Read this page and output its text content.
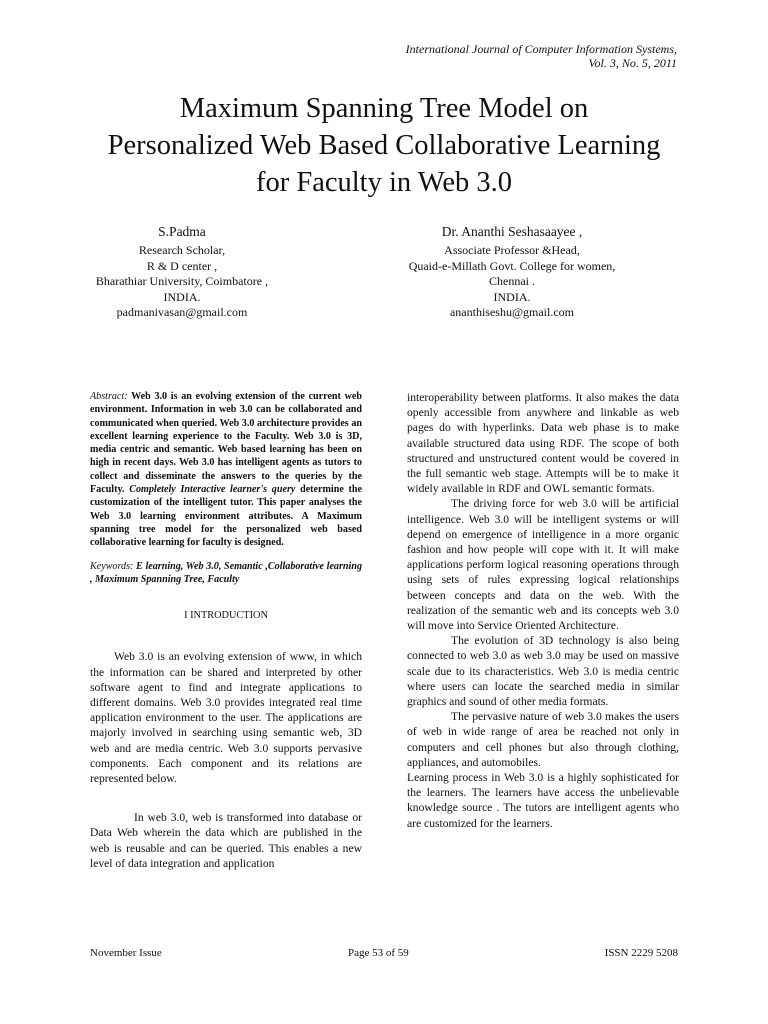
International Journal of Computer Information Systems,
Vol. 3, No. 5, 2011
Maximum Spanning Tree Model on
Personalized Web Based Collaborative Learning
for Faculty in Web 3.0
S.Padma
Research Scholar,
R & D center ,
Bharathiar University, Coimbatore ,
INDIA.
padmanivasan@gmail.com
Dr. Ananthi Seshasaayee ,
Associate Professor &Head,
Quaid-e-Millath Govt. College for women,
Chennai .
INDIA.
ananthiseshu@gmail.com
Abstract: Web 3.0 is an evolving extension of the current web environment. Information in web 3.0 can be collaborated and communicated when queried. Web 3.0 architecture provides an excellent learning experience to the Faculty. Web 3.0 is 3D, media centric and semantic. Web based learning has been on high in recent days. Web 3.0 has intelligent agents as tutors to collect and disseminate the answers to the queries by the Faculty. Completely Interactive learner's query determine the customization of the intelligent tutor. This paper analyses the Web 3.0 learning environment attributes. A Maximum spanning tree model for the personalized web based collaborative learning for faculty is designed.
Keywords: E learning, Web 3.0, Semantic ,Collaborative learning , Maximum Spanning Tree, Faculty
I INTRODUCTION

Web 3.0 is an evolving extension of www, in which the information can be shared and interpreted by other software agent to find and integrate applications to different domains. Web 3.0 provides integrated real time application environment to the user. The applications are majorly involved in searching using semantic web, 3D web and are media centric. Web 3.0 supports pervasive components. Each component and its relations are represented below.

In web 3.0, web is transformed into database or Data Web wherein the data which are published in the web is reusable and can be queried. This enables a new level of data integration and application

interoperability between platforms. It also makes the data openly accessible from anywhere and linkable as web pages do with hyperlinks. Data web phase is to make available structured data using RDF. The scope of both structured and unstructured content would be covered in the full semantic web stage. Attempts will be to make it widely available in RDF and OWL semantic formats.

The driving force for web 3.0 will be artificial intelligence. Web 3.0 will be intelligent systems or will depend on emergence of intelligence in a more organic fashion and how people will cope with it. It will make applications perform logical reasoning operations through using sets of rules expressing logical relationships between concepts and data on the web. With the realization of the semantic web and its concepts web 3.0 will move into Service Oriented Architecture.

The evolution of 3D technology is also being connected to web 3.0 as web 3.0 may be used on massive scale due to its characteristics. Web 3.0 is media centric where users can locate the searched media in similar graphics and sound of other media formats.

The pervasive nature of web 3.0 makes the users of web in wide range of area be reached not only in computers and cell phones but also through clothing, appliances, and automobiles.

Learning process in Web 3.0 is a highly sophisticated for the learners. The learners have access the unbelievable knowledge source . The tutors are intelligent agents who are customized for the learners.

November Issue	Page 53 of 59	ISSN 2229 5208
